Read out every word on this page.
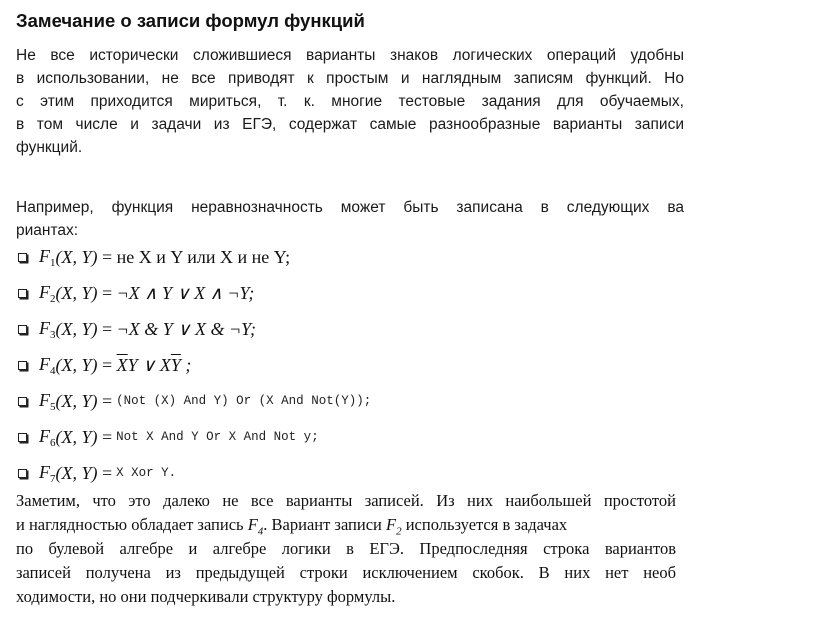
Замечание о записи формул функций
Не все исторически сложившиеся варианты знаков логических операций удобны
в использовании, не все приводят к простым и наглядным записям функций. Но
с этим приходится мириться, т. к. многие тестовые задания для обучаемых,
в том числе и задачи из ЕГЭ, содержат самые разнообразные варианты записи
функций.
Например, функция неравнозначность может быть записана в следующих ва
риантах:
$F_1$ (X, Y)
=
не X и Y или X и не Y;
$F_2$ (X, Y)
=
¬X ∧ Y ∨ X ∧ ¬Y;
$F_3$ (X, Y)
=
¬X & Y ∨ X & ¬Y;
$F_4$ (X, Y)
=
$\overline{X}Y$ ∨ $X\overline{Y}$ ;
$F_5$ (X, Y)
= (Not (X) And Y) Or (X And Not(Y));
$F_6$ (X, Y)
= Not X And Y Or X And Not y;
$F_7$ (X, Y)
= X Xor Y.
Заметим, что это далеко не все варианты записей. Из них наибольшей простотой
и наглядностью обладает запись $F_4$. Вариант записи $F_2$ используется в задачах
по булевой алгебре и алгебре логики в ЕГЭ. Предпоследняя строка вариантов
записей получена из предыдущей строки исключением скобок. В них нет необ
ходимости, но они подчеркивали структуру формулы.
